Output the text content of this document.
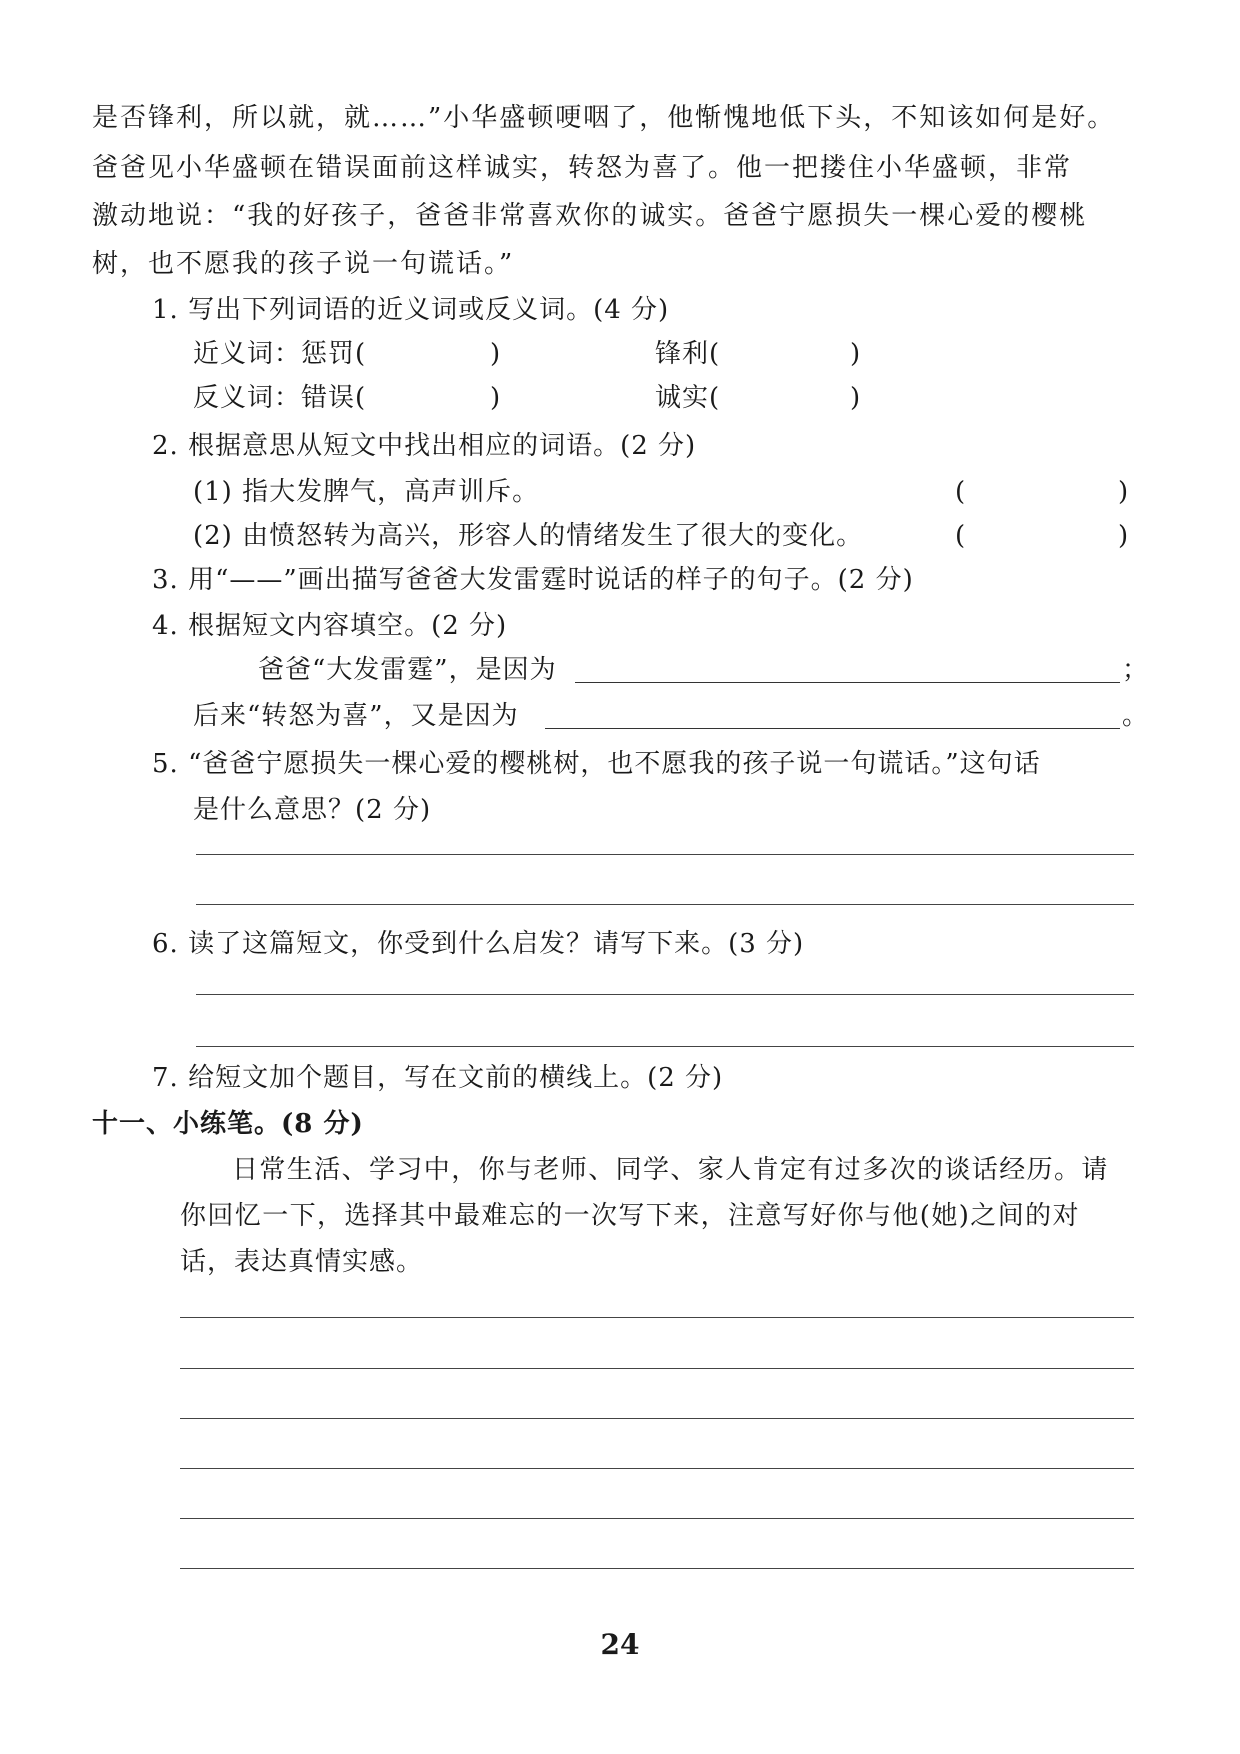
是否锋利，所以就，就……”小华盛顿哽咽了，他惭愧地低下头，不知该如何是好。
爸爸见小华盛顿在错误面前这样诚实，转怒为喜了。他一把搂住小华盛顿，非常
激动地说：“我的好孩子，爸爸非常喜欢你的诚实。爸爸宁愿损失一棵心爱的樱桃
树，也不愿我的孩子说一句谎话。”
1. 写出下列词语的近义词或反义词。(4 分)
近义词：惩罚(	)	锋利(	)
反义词：错误(	)	诚实(	)
2. 根据意思从短文中找出相应的词语。(2 分)
(1) 指大发脾气，高声训斥。	(	)
(2) 由愤怒转为高兴，形容人的情绪发生了很大的变化。	(	)
3. 用“——”画出描写爸爸大发雷霆时说话的样子的句子。(2 分)
4. 根据短文内容填空。(2 分)
爸爸“大发雷霆”，是因为	；
后来“转怒为喜”，又是因为	。
5. “爸爸宁愿损失一棵心爱的樱桃树，也不愿我的孩子说一句谎话。”这句话
是什么意思？(2 分)
6. 读了这篇短文，你受到什么启发？请写下来。(3 分)
7. 给短文加个题目，写在文前的横线上。(2 分)
十一、小练笔。(8 分)
日常生活、学习中，你与老师、同学、家人肯定有过多次的谈话经历。请
你回忆一下，选择其中最难忘的一次写下来，注意写好你与他(她)之间的对
话，表达真情实感。
24
